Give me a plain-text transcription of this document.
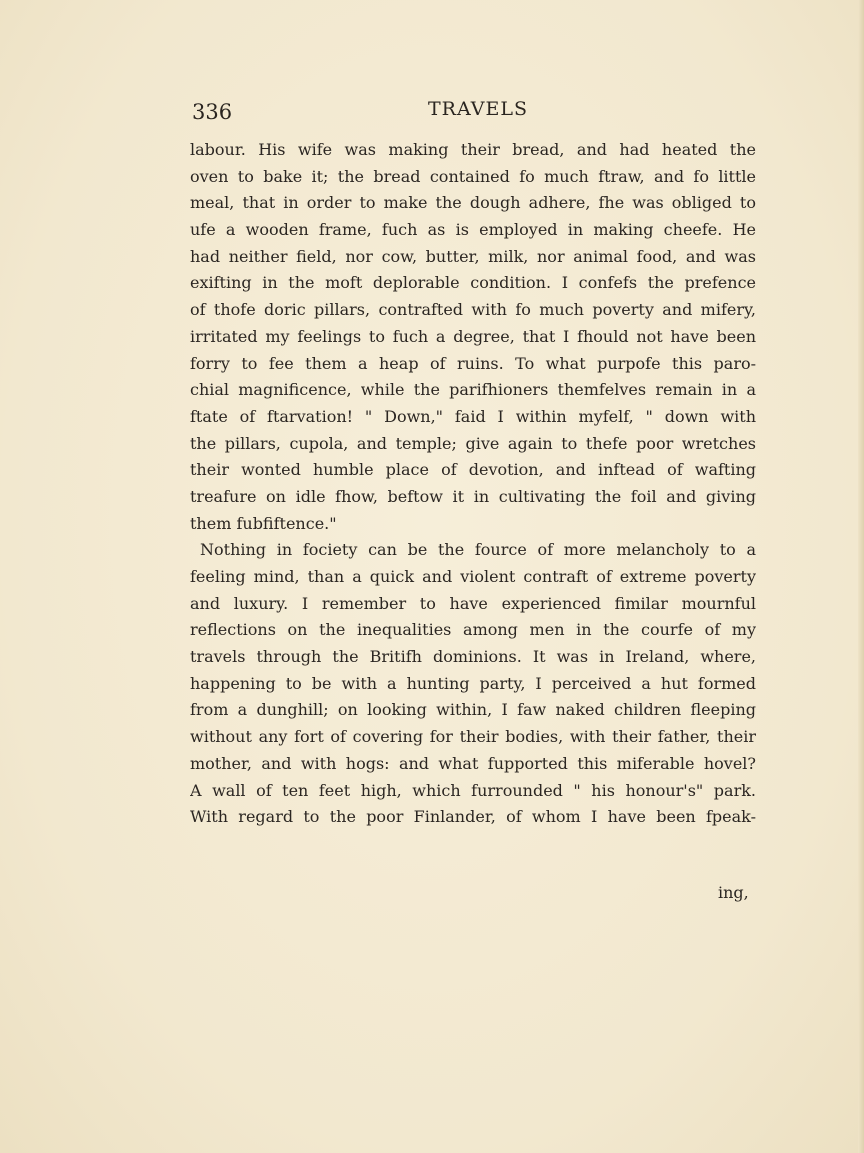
336	TRAVELS
labour. His wife was making their bread, and had heated the
oven to bake it; the bread contained fo much ftraw, and fo little
meal, that in order to make the dough adhere, fhe was obliged to
ufe a wooden frame, fuch as is employed in making cheefe. He
had neither field, nor cow, butter, milk, nor animal food, and was
exifting in the moft deplorable condition. I confefs the prefence
of thofe doric pillars, contrafted with fo much poverty and mifery,
irritated my feelings to fuch a degree, that I fhould not have been
forry to fee them a heap of ruins. To what purpofe this paro-
chial magnificence, while the parifhioners themfelves remain in a
ftate of ftarvation! " Down," faid I within myfelf, " down with
the pillars, cupola, and temple; give again to thefe poor wretches
their wonted humble place of devotion, and inftead of wafting
treafure on idle fhow, beftow it in cultivating the foil and giving
them fubfiftence."
Nothing in fociety can be the fource of more melancholy to a
feeling mind, than a quick and violent contraft of extreme poverty
and luxury. I remember to have experienced fimilar mournful
reflections on the inequalities among men in the courfe of my
travels through the Britifh dominions. It was in Ireland, where,
happening to be with a hunting party, I perceived a hut formed
from a dunghill; on looking within, I faw naked children fleeping
without any fort of covering for their bodies, with their father, their
mother, and with hogs: and what fupported this miferable hovel?
A wall of ten feet high, which furrounded " his honour's" park.
With regard to the poor Finlander, of whom I have been fpeak-
ing,
